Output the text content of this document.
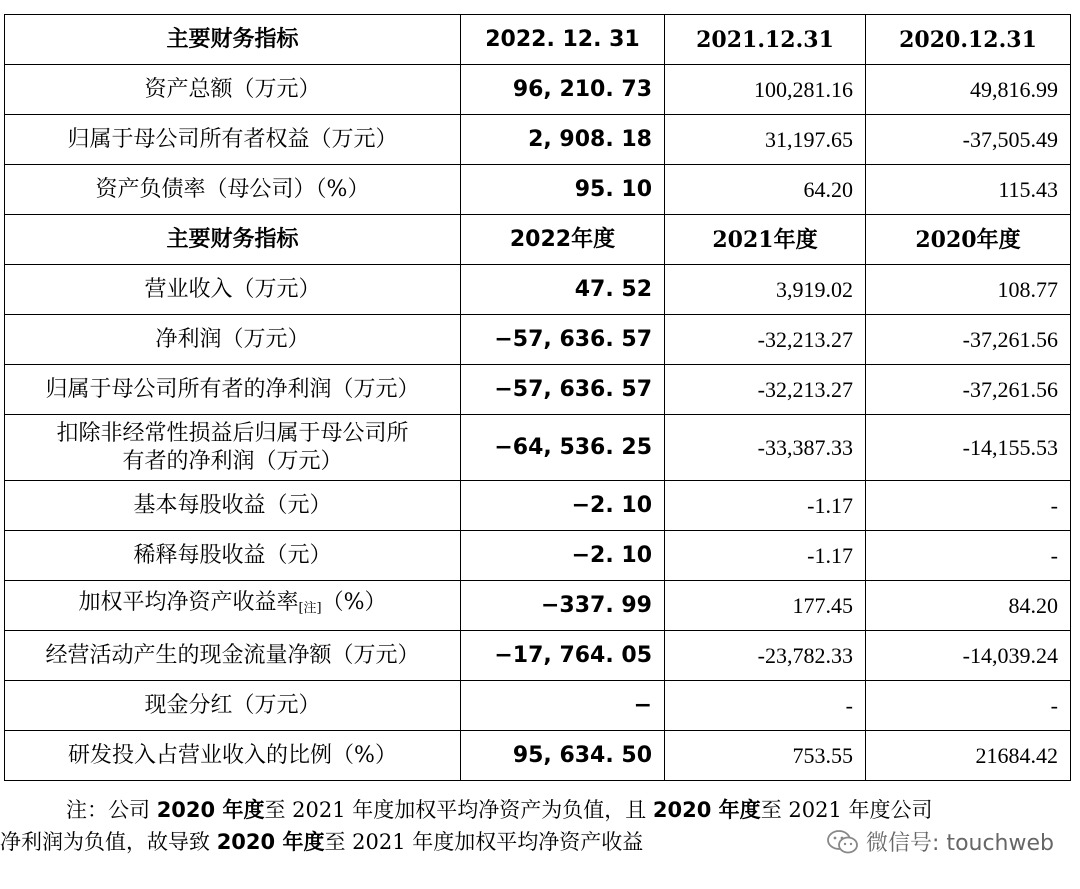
主要财务指标	2022. 12. 31	2021.12.31	2020.12.31
资产总额（万元）	96, 210. 73	100,281.16	49,816.99
归属于母公司所有者权益（万元）	2, 908. 18	31,197.65	-37,505.49
资产负债率（母公司）（%）	95. 10	64.20	115.43
主要财务指标	2022年度	2021年度	2020年度
营业收入（万元）	47. 52	3,919.02	108.77
净利润（万元）	−57, 636. 57	-32,213.27	-37,261.56
归属于母公司所有者的净利润（万元）	−57, 636. 57	-32,213.27	-37,261.56
扣除非经常性损益后归属于母公司所
有者的净利润（万元）	−64, 536. 25	-33,387.33	-14,155.53
基本每股收益（元）	−2. 10	-1.17	-
稀释每股收益（元）	−2. 10	-1.17	-
加权平均净资产收益率$_{[注]}$（%）	−337. 99	177.45	84.20
经营活动产生的现金流量净额（万元）	−17, 764. 05	-23,782.33	-14,039.24
现金分红（万元）	−	-	-
研发投入占营业收入的比例（%）	95, 634. 50	753.55	21684.42

注：公司 2020 年度至 2021 年度加权平均净资产为负值，且 2020 年度至 2021 年度公司

净利润为负值，故导致 2020 年度至 2021 年度加权平均净资产收益	微信号: touchweb
